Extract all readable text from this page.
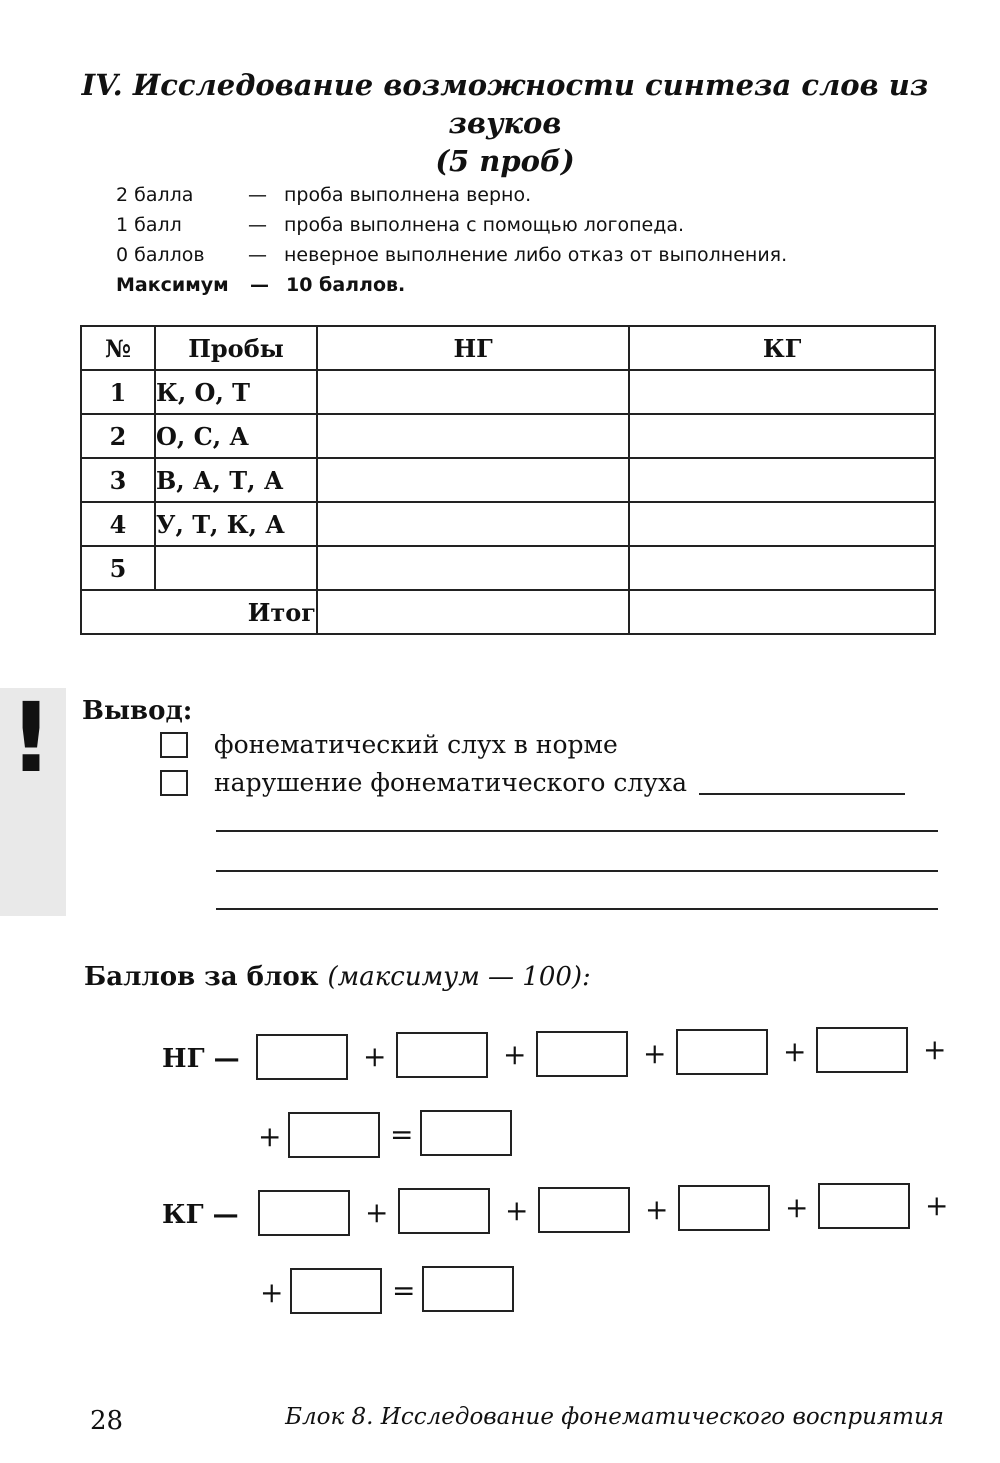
IV. Исследование возможности синтеза слов из звуков
(5 проб)
2 балла	— проба выполнена верно.
1 балл	— проба выполнена с помощью логопеда.
0 баллов	— неверное выполнение либо отказ от выполнения.
Максимум	— 10 баллов.
№	Пробы	НГ	КГ
1	К, О, Т		
2	О, С, А		
3	В, А, Т, А		
4	У, Т, К, А		
5			
Итог			
! Вывод:
фонематический слух в норме
нарушение фонематического слуха
Баллов за блок (максимум — 100):
НГ —	+	+	+	+	+
+	=
КГ —	+	+	+	+	+
+	=
28	Блок 8. Исследование фонематического восприятия
